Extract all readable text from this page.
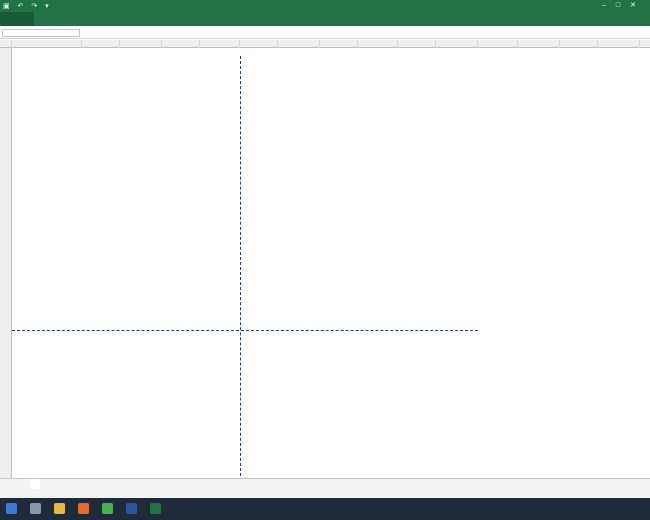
▣ ↶ ↷ ▾	–□✕
